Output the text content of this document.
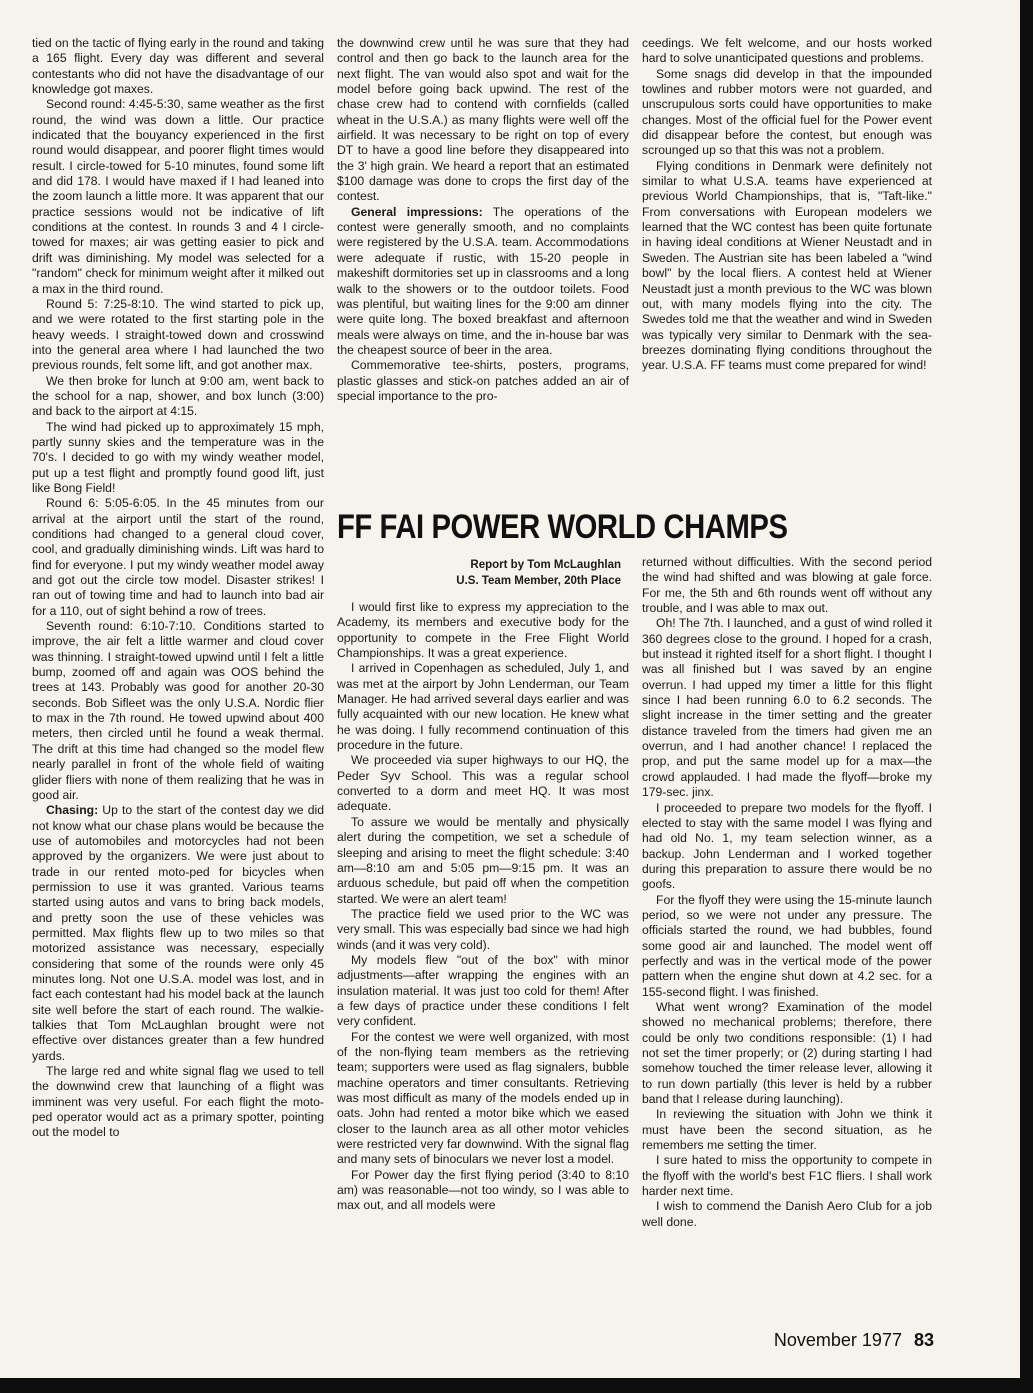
tied on the tactic of flying early in the round and taking a 165 flight. Every day was different and several contestants who did not have the disadvantage of our knowledge got maxes.

Second round: 4:45-5:30, same weather as the first round, the wind was down a little. Our practice indicated that the bouyancy experienced in the first round would disappear, and poorer flight times would result. I circle-towed for 5-10 minutes, found some lift and did 178. I would have maxed if I had leaned into the zoom launch a little more. It was apparent that our practice sessions would not be indicative of lift conditions at the contest. In rounds 3 and 4 I circle-towed for maxes; air was getting easier to pick and drift was diminishing. My model was selected for a "random" check for minimum weight after it milked out a max in the third round.

Round 5: 7:25-8:10. The wind started to pick up, and we were rotated to the first starting pole in the heavy weeds. I straight-towed down and crosswind into the general area where I had launched the two previous rounds, felt some lift, and got another max.

We then broke for lunch at 9:00 am, went back to the school for a nap, shower, and box lunch (3:00) and back to the airport at 4:15.

The wind had picked up to approximately 15 mph, partly sunny skies and the temperature was in the 70's. I decided to go with my windy weather model, put up a test flight and promptly found good lift, just like Bong Field!

Round 6: 5:05-6:05. In the 45 minutes from our arrival at the airport until the start of the round, conditions had changed to a general cloud cover, cool, and gradually diminishing winds. Lift was hard to find for everyone. I put my windy weather model away and got out the circle tow model. Disaster strikes! I ran out of towing time and had to launch into bad air for a 110, out of sight behind a row of trees.

Seventh round: 6:10-7:10. Conditions started to improve, the air felt a little warmer and cloud cover was thinning. I straight-towed upwind until I felt a little bump, zoomed off and again was OOS behind the trees at 143. Probably was good for another 20-30 seconds. Bob Sifleet was the only U.S.A. Nordic flier to max in the 7th round. He towed upwind about 400 meters, then circled until he found a weak thermal. The drift at this time had changed so the model flew nearly parallel in front of the whole field of waiting glider fliers with none of them realizing that he was in good air.

Chasing: Up to the start of the contest day we did not know what our chase plans would be because the use of automobiles and motorcycles had not been approved by the organizers. We were just about to trade in our rented moto-ped for bicycles when permission to use it was granted. Various teams started using autos and vans to bring back models, and pretty soon the use of these vehicles was permitted. Max flights flew up to two miles so that motorized assistance was necessary, especially considering that some of the rounds were only 45 minutes long. Not one U.S.A. model was lost, and in fact each contestant had his model back at the launch site well before the start of each round. The walkie-talkies that Tom McLaughlan brought were not effective over distances greater than a few hundred yards.

The large red and white signal flag we used to tell the downwind crew that launching of a flight was imminent was very useful. For each flight the moto-ped operator would act as a primary spotter, pointing out the model to

the downwind crew until he was sure that they had control and then go back to the launch area for the next flight. The van would also spot and wait for the model before going back upwind. The rest of the chase crew had to contend with cornfields (called wheat in the U.S.A.) as many flights were well off the airfield. It was necessary to be right on top of every DT to have a good line before they disappeared into the 3' high grain. We heard a report that an estimated $100 damage was done to crops the first day of the contest.

General impressions: The operations of the contest were generally smooth, and no complaints were registered by the U.S.A. team. Accommodations were adequate if rustic, with 15-20 people in makeshift dormitories set up in classrooms and a long walk to the showers or to the outdoor toilets. Food was plentiful, but waiting lines for the 9:00 am dinner were quite long. The boxed breakfast and afternoon meals were always on time, and the in-house bar was the cheapest source of beer in the area.

Commemorative tee-shirts, posters, programs, plastic glasses and stick-on patches added an air of special importance to the pro-

ceedings. We felt welcome, and our hosts worked hard to solve unanticipated questions and problems.

Some snags did develop in that the impounded towlines and rubber motors were not guarded, and unscrupulous sorts could have opportunities to make changes. Most of the official fuel for the Power event did disappear before the contest, but enough was scrounged up so that this was not a problem.

Flying conditions in Denmark were definitely not similar to what U.S.A. teams have experienced at previous World Championships, that is, "Taft-like." From conversations with European modelers we learned that the WC contest has been quite fortunate in having ideal conditions at Wiener Neustadt and in Sweden. The Austrian site has been labeled a "wind bowl" by the local fliers. A contest held at Wiener Neustadt just a month previous to the WC was blown out, with many models flying into the city. The Swedes told me that the weather and wind in Sweden was typically very similar to Denmark with the sea-breezes dominating flying conditions throughout the year. U.S.A. FF teams must come prepared for wind!

FF FAI POWER WORLD CHAMPS
Report by Tom McLaughlan
U.S. Team Member, 20th Place

I would first like to express my appreciation to the Academy, its members and executive body for the opportunity to compete in the Free Flight World Championships. It was a great experience.

I arrived in Copenhagen as scheduled, July 1, and was met at the airport by John Lenderman, our Team Manager. He had arrived several days earlier and was fully acquainted with our new location. He knew what he was doing. I fully recommend continuation of this procedure in the future.

We proceeded via super highways to our HQ, the Peder Syv School. This was a regular school converted to a dorm and meet HQ. It was most adequate.

To assure we would be mentally and physically alert during the competition, we set a schedule of sleeping and arising to meet the flight schedule: 3:40 am—8:10 am and 5:05 pm—9:15 pm. It was an arduous schedule, but paid off when the competition started. We were an alert team!

The practice field we used prior to the WC was very small. This was especially bad since we had high winds (and it was very cold).

My models flew "out of the box" with minor adjustments—after wrapping the engines with an insulation material. It was just too cold for them! After a few days of practice under these conditions I felt very confident.

For the contest we were well organized, with most of the non-flying team members as the retrieving team; supporters were used as flag signalers, bubble machine operators and timer consultants. Retrieving was most difficult as many of the models ended up in oats. John had rented a motor bike which we eased closer to the launch area as all other motor vehicles were restricted very far downwind. With the signal flag and many sets of binoculars we never lost a model.

For Power day the first flying period (3:40 to 8:10 am) was reasonable—not too windy, so I was able to max out, and all models were

returned without difficulties. With the second period the wind had shifted and was blowing at gale force. For me, the 5th and 6th rounds went off without any trouble, and I was able to max out.

Oh! The 7th. I launched, and a gust of wind rolled it 360 degrees close to the ground. I hoped for a crash, but instead it righted itself for a short flight. I thought I was all finished but I was saved by an engine overrun. I had upped my timer a little for this flight since I had been running 6.0 to 6.2 seconds. The slight increase in the timer setting and the greater distance traveled from the timers had given me an overrun, and I had another chance! I replaced the prop, and put the same model up for a max—the crowd applauded. I had made the flyoff—broke my 179-sec. jinx.

I proceeded to prepare two models for the flyoff. I elected to stay with the same model I was flying and had old No. 1, my team selection winner, as a backup. John Lenderman and I worked together during this preparation to assure there would be no goofs.

For the flyoff they were using the 15-minute launch period, so we were not under any pressure. The officials started the round, we had bubbles, found some good air and launched. The model went off perfectly and was in the vertical mode of the power pattern when the engine shut down at 4.2 sec. for a 155-second flight. I was finished.

What went wrong? Examination of the model showed no mechanical problems; therefore, there could be only two conditions responsible: (1) I had not set the timer properly; or (2) during starting I had somehow touched the timer release lever, allowing it to run down partially (this lever is held by a rubber band that I release during launching).

In reviewing the situation with John we think it must have been the second situation, as he remembers me setting the timer.

I sure hated to miss the opportunity to compete in the flyoff with the world's best F1C fliers. I shall work harder next time.

I wish to commend the Danish Aero Club for a job well done.

November 1977 83
